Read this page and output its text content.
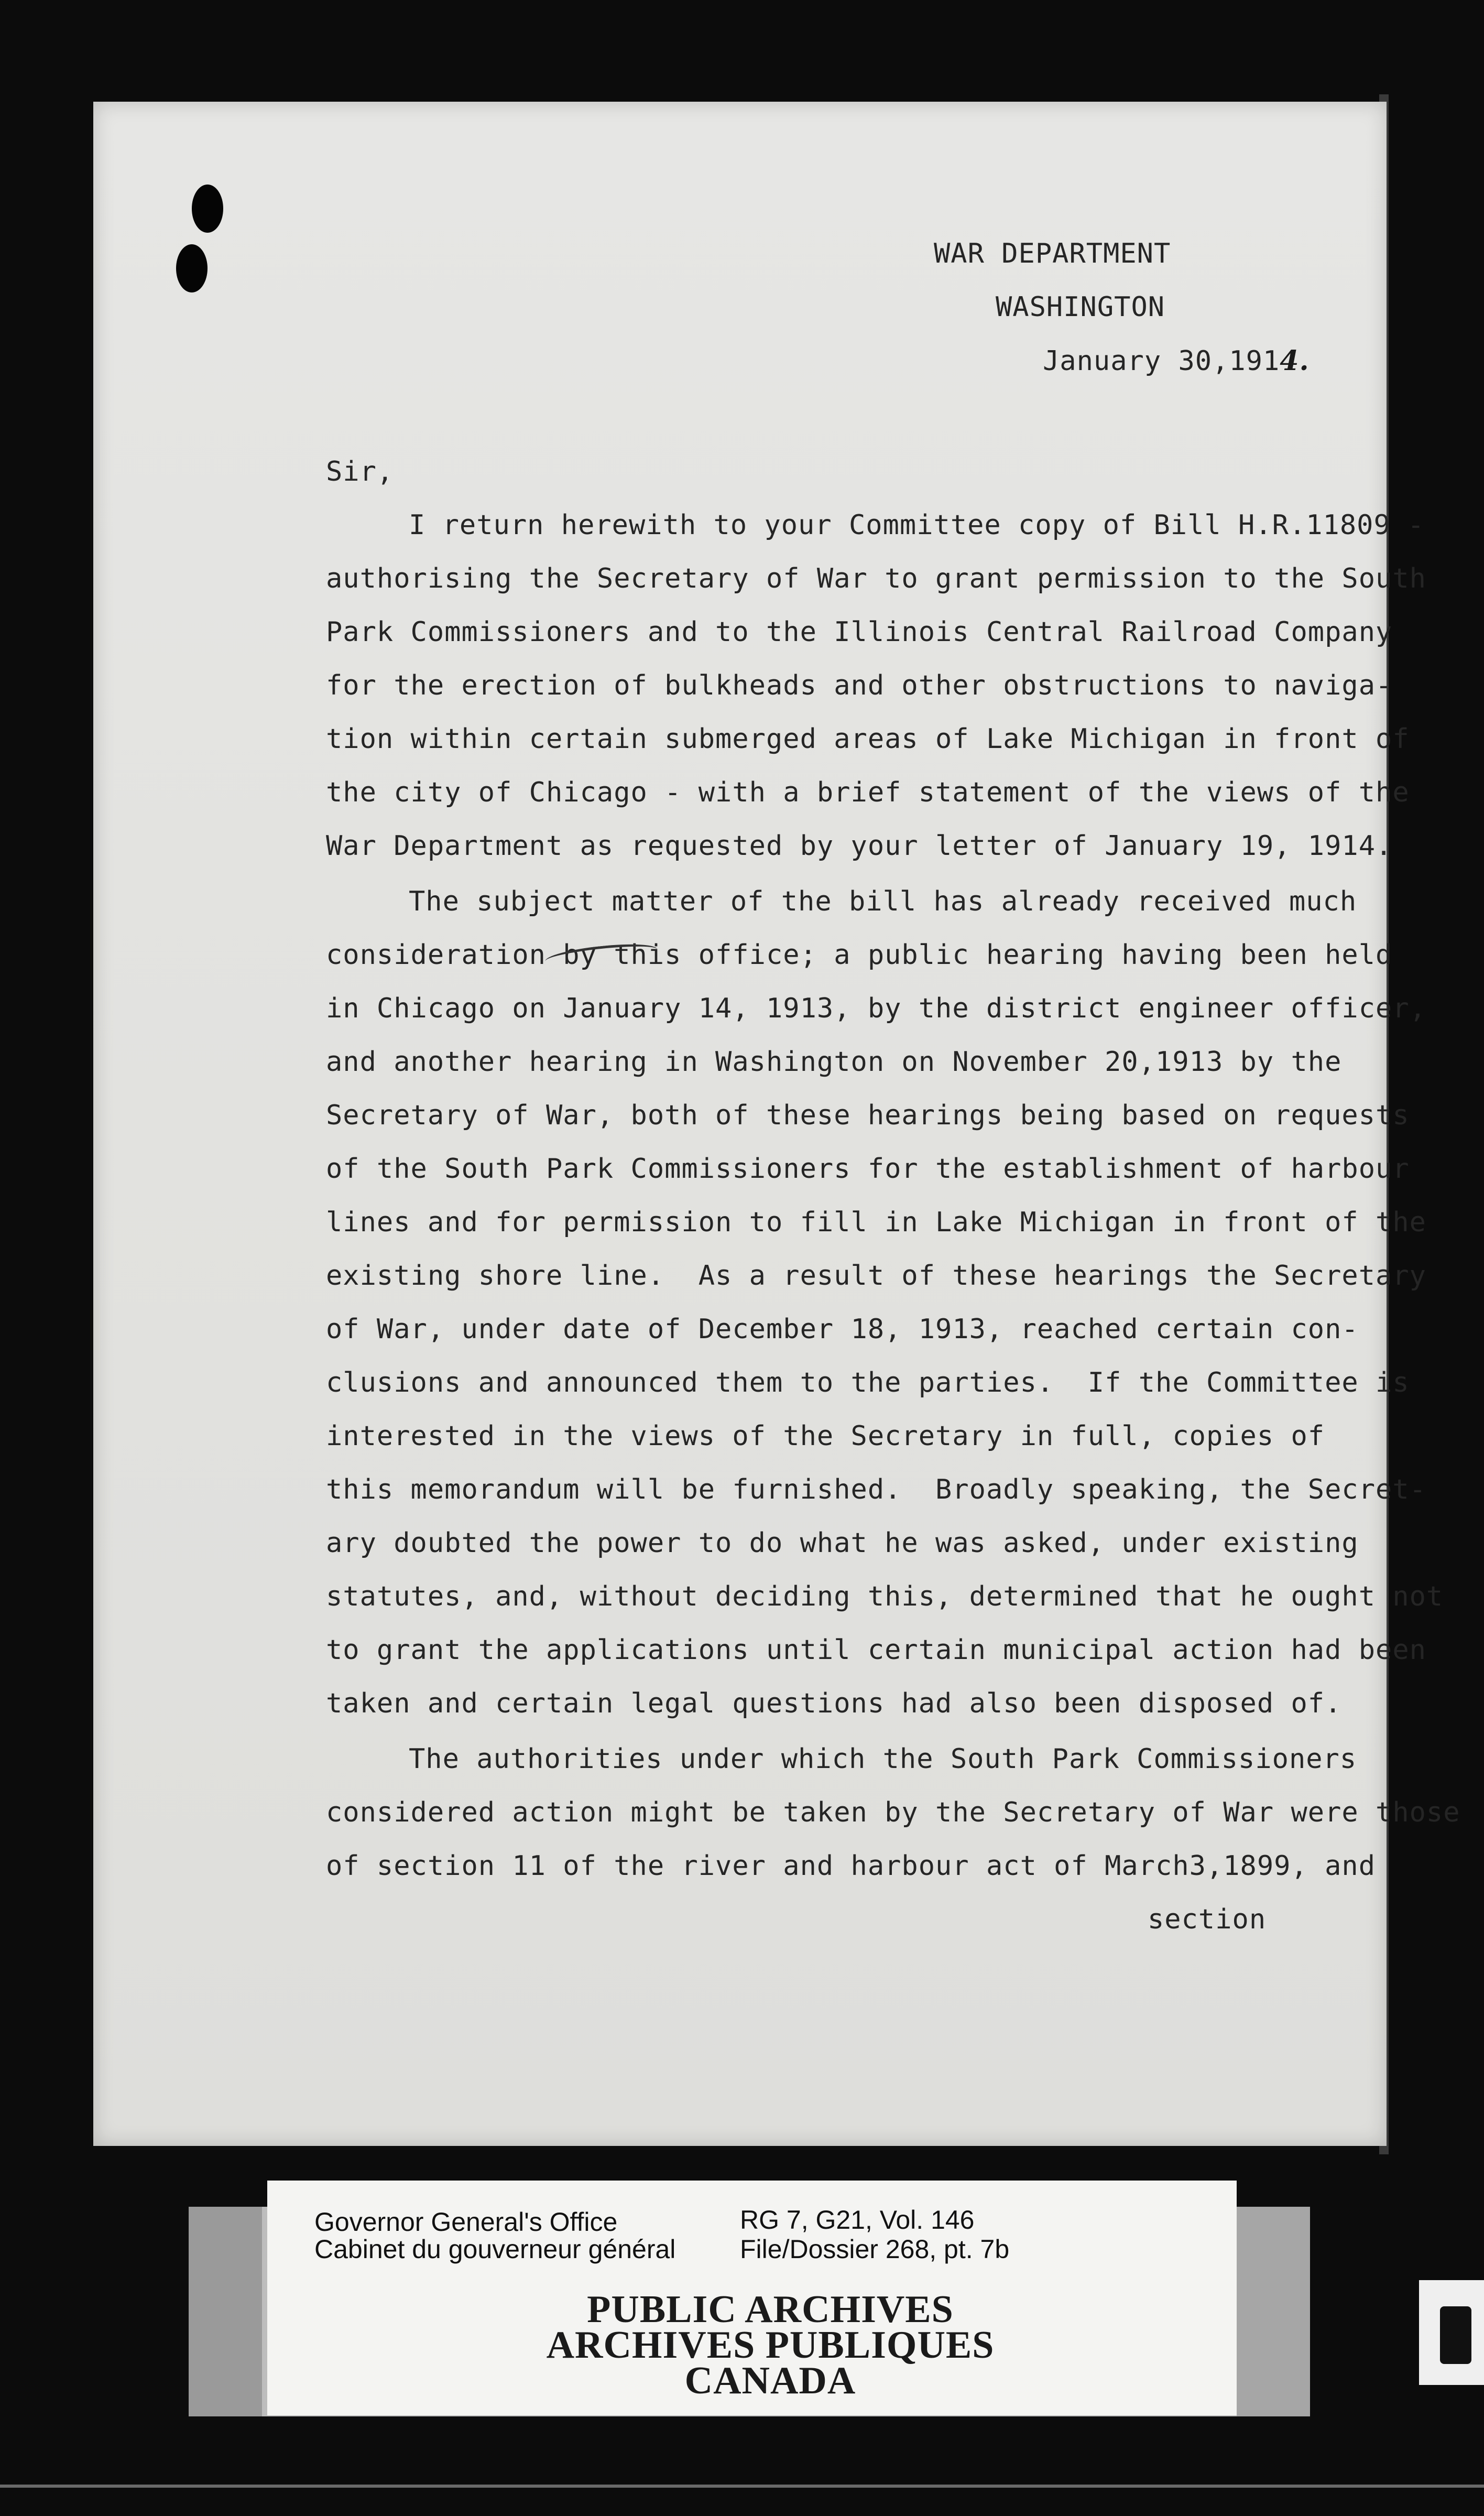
WAR DEPARTMENT
WASHINGTON
January 30,1914.
Sir,
I return herewith to your Committee copy of Bill H.R.11809 -
authorising the Secretary of War to grant permission to the South
Park Commissioners and to the Illinois Central Railroad Company
for the erection of bulkheads and other obstructions to naviga-
tion within certain submerged areas of Lake Michigan in front of
the city of Chicago - with a brief statement of the views of the
War Department as requested by your letter of January 19, 1914.
The subject matter of the bill has already received much
consideration by this office; a public hearing having been held
in Chicago on January 14, 1913, by the district engineer officer,
and another hearing in Washington on November 20,1913 by the
Secretary of War, both of these hearings being based on requests
of the South Park Commissioners for the establishment of harbour
lines and for permission to fill in Lake Michigan in front of the
existing shore line.  As a result of these hearings the Secretary
of War, under date of December 18, 1913, reached certain con-
clusions and announced them to the parties.  If the Committee is
interested in the views of the Secretary in full, copies of
this memorandum will be furnished.  Broadly speaking, the Secret-
ary doubted the power to do what he was asked, under existing
statutes, and, without deciding this, determined that he ought not
to grant the applications until certain municipal action had been
taken and certain legal questions had also been disposed of.
The authorities under which the South Park Commissioners
considered action might be taken by the Secretary of War were those
of section 11 of the river and harbour act of March3,1899, and
section
Governor General's Office
Cabinet du gouverneur général
RG 7, G21, Vol. 146
File/Dossier 268, pt. 7b
PUBLIC ARCHIVES
ARCHIVES PUBLIQUES
CANADA
